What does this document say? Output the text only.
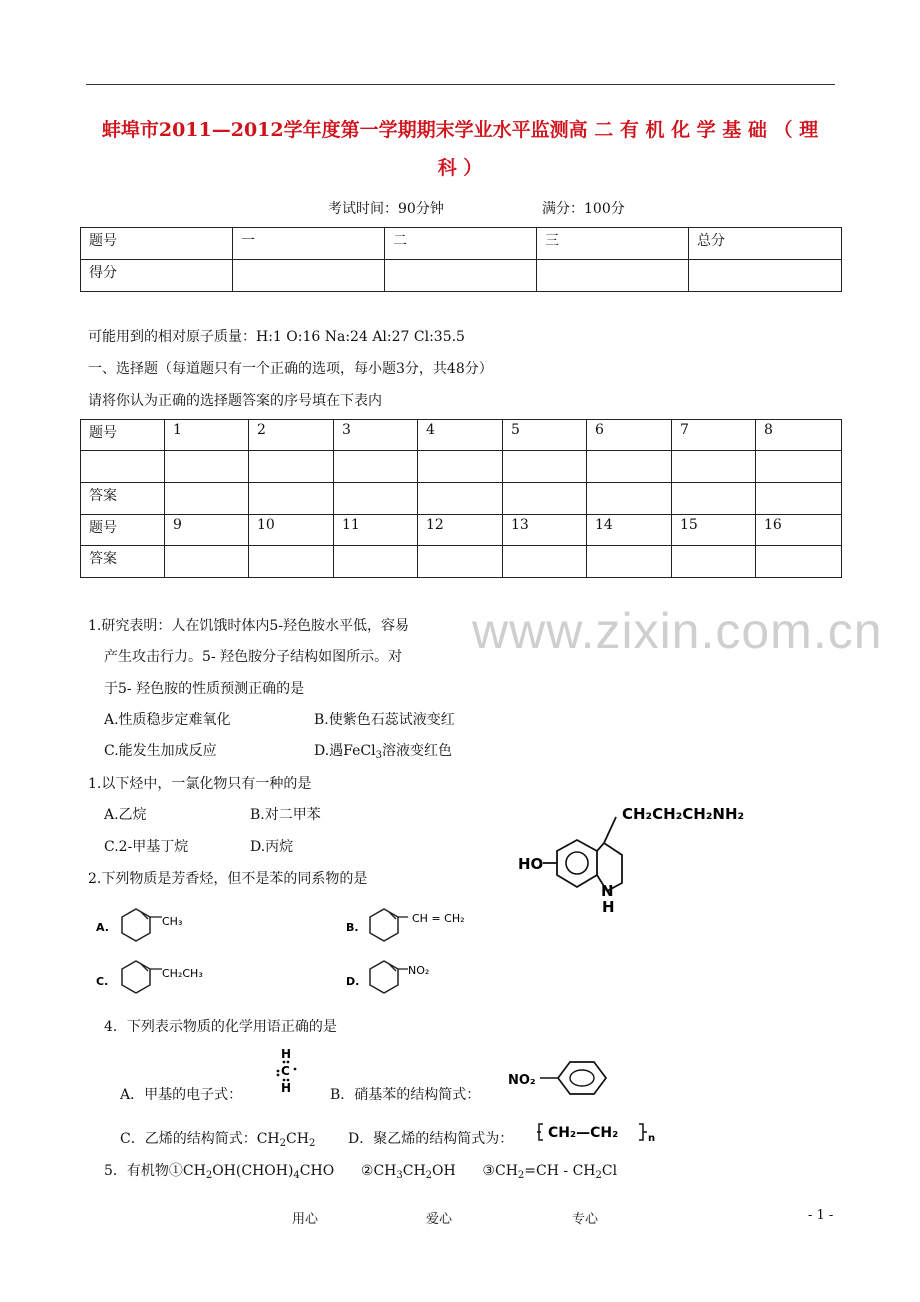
蚌埠市2011—2012学年度第一学期期末学业水平监测高 二 有 机 化 学 基 础 （ 理
科 ）
考试时间：90分钟	满分：100分
题号	一	二	三	总分
得分				
可能用到的相对原子质量：H:1 O:16 Na:24 Al:27 Cl:35.5
一、选择题（每道题只有一个正确的选项，每小题3分，共48分）
请将你认为正确的选择题答案的序号填在下表内
题号	1	2	3	4	5	6	7	8

答案								
题号	9	10	11	12	13	14	15	16
答案								
www.zixin.com.cn
1.研究表明：人在饥饿时体内5-羟色胺水平低，容易
产生攻击行力。5- 羟色胺分子结构如图所示。对
于5- 羟色胺的性质预测正确的是
A.性质稳步定难氧化	B.使紫色石蕊试液变红
C.能发生加成反应	D.遇FeCl$_3$溶液变红色
1.以下烃中，一氯化物只有一种的是
A.乙烷	B.对二甲苯
C.2-甲基丁烷	D.丙烷
CH₂CH₂CH₂NH₂
HO
N
H
2.下列物质是芳香烃，但不是苯的同系物的是
A.	CH₃	B.
CH = CH₂
C.
CH₂CH₃
D.
NO₂
4．下列表示物质的化学用语正确的是
H
C
H
A．甲基的电子式：	B．硝基苯的结构简式：
NO₂
C．乙烯的结构简式：$CH_2CH_2$ D．聚乙烯的结构简式为： CH₂—CH₂	n
5．有机物$①CH_2OH(CHOH)_4CHO$      $②CH_3CH_2OH$      $③CH_2=CH - CH_2Cl$
用心	爱心	专心	- 1 -
